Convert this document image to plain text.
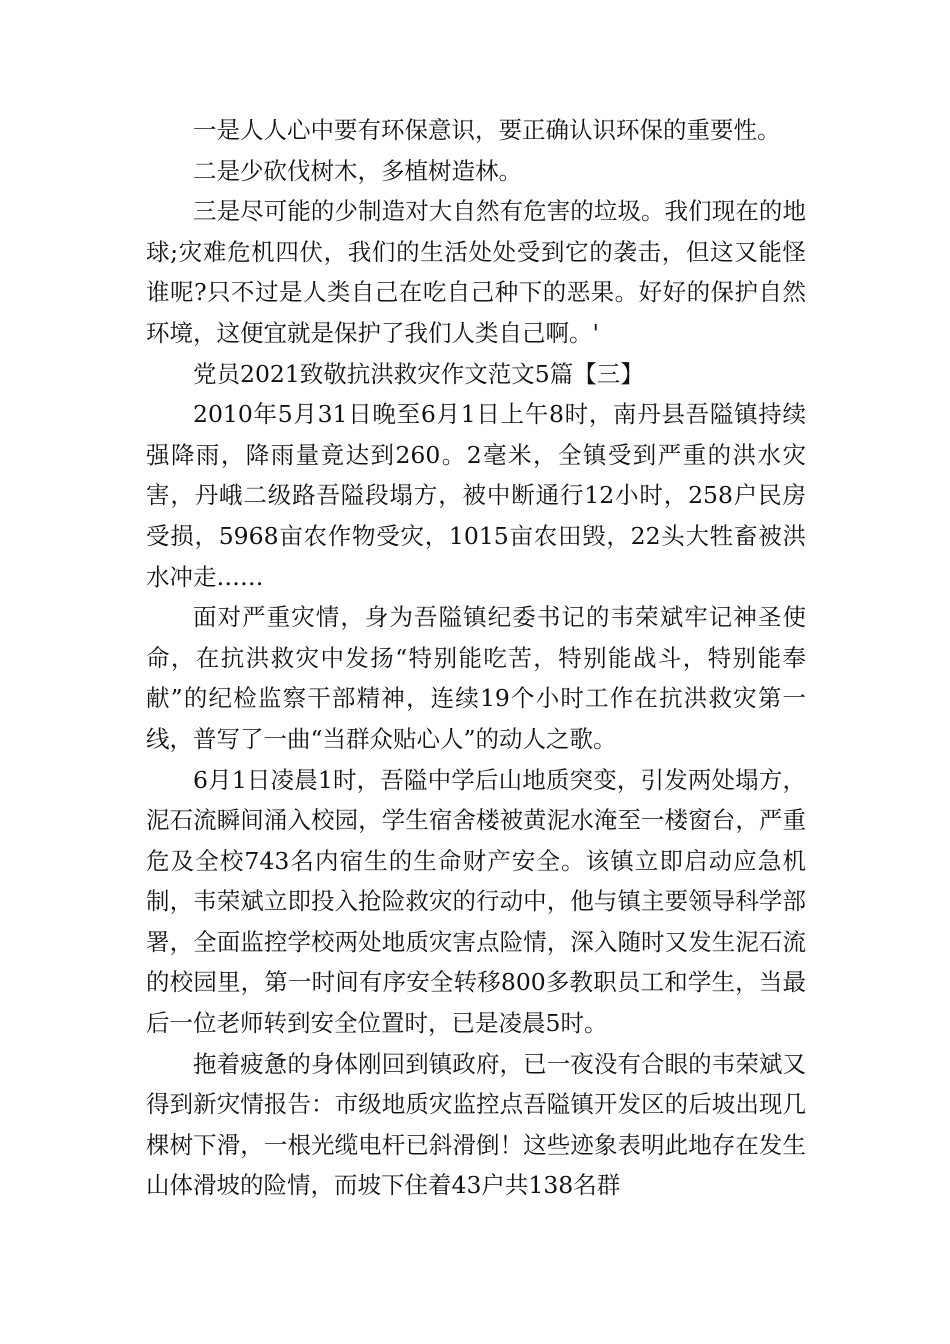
一是人人心中要有环保意识，要正确认识环保的重要性。

二是少砍伐树木，多植树造林。

三是尽可能的少制造对大自然有危害的垃圾。我们现在的地球;灾难危机四伏，我们的生活处处受到它的袭击，但这又能怪谁呢?只不过是人类自己在吃自己种下的恶果。好好的保护自然环境，这便宜就是保护了我们人类自己啊。'

党员2021致敬抗洪救灾作文范文5篇【三】

2010年5月31日晚至6月1日上午8时，南丹县吾隘镇持续强降雨，降雨量竟达到260。2毫米，全镇受到严重的洪水灾害，丹峨二级路吾隘段塌方，被中断通行12小时，258户民房受损，5968亩农作物受灾，1015亩农田毁，22头大牲畜被洪水冲走……

面对严重灾情，身为吾隘镇纪委书记的韦荣斌牢记神圣使命，在抗洪救灾中发扬“特别能吃苦，特别能战斗，特别能奉献”的纪检监察干部精神，连续19个小时工作在抗洪救灾第一线，普写了一曲“当群众贴心人”的动人之歌。

6月1日凌晨1时，吾隘中学后山地质突变，引发两处塌方，泥石流瞬间涌入校园，学生宿舍楼被黄泥水淹至一楼窗台，严重危及全校743名内宿生的生命财产安全。该镇立即启动应急机制，韦荣斌立即投入抢险救灾的行动中，他与镇主要领导科学部署，全面监控学校两处地质灾害点险情，深入随时又发生泥石流的校园里，第一时间有序安全转移800多教职员工和学生，当最后一位老师转到安全位置时，已是凌晨5时。

拖着疲惫的身体刚回到镇政府，已一夜没有合眼的韦荣斌又得到新灾情报告：市级地质灾监控点吾隘镇开发区的后坡出现几棵树下滑，一根光缆电杆已斜滑倒！这些迹象表明此地存在发生山体滑坡的险情，而坡下住着43户共138名群
